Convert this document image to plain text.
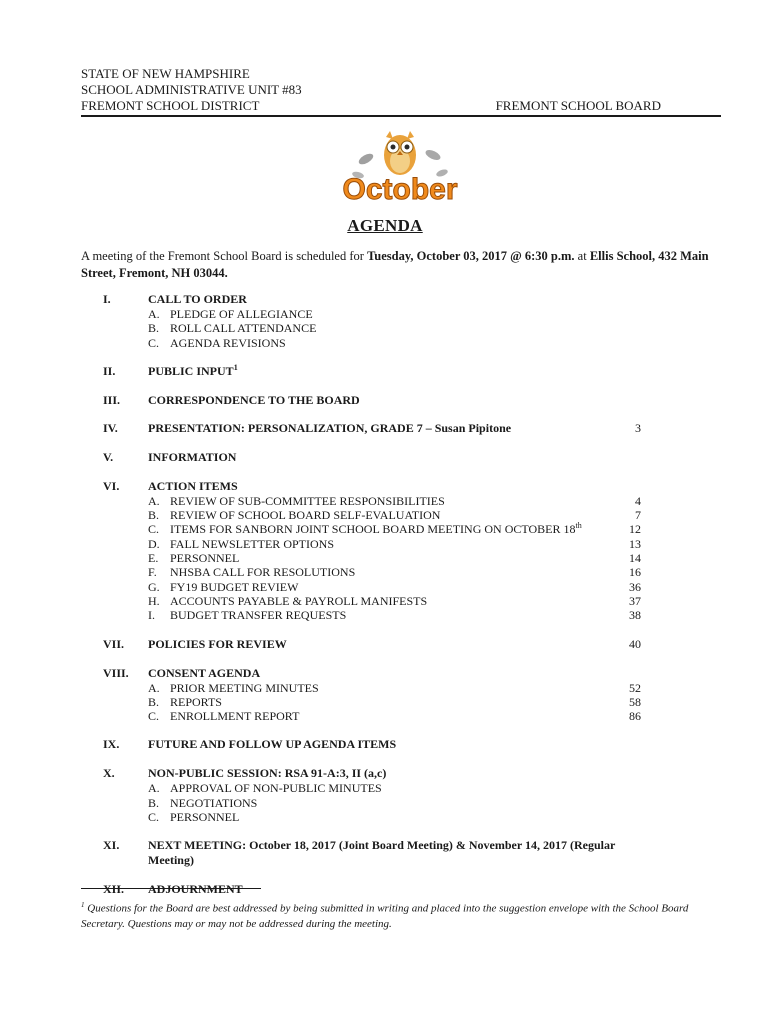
STATE OF NEW HAMPSHIRE
SCHOOL ADMINISTRATIVE UNIT #83
FREMONT SCHOOL DISTRICT	FREMONT SCHOOL BOARD
October
AGENDA
A meeting of the Fremont School Board is scheduled for Tuesday, October 03, 2017 @ 6:30 p.m. at Ellis School, 432 Main Street, Fremont, NH 03044.
I.	CALL TO ORDER
A. PLEDGE OF ALLEGIANCE
B. ROLL CALL ATTENDANCE
C. AGENDA REVISIONS
II.	PUBLIC INPUT$^1$
III.	CORRESPONDENCE TO THE BOARD
IV.	PRESENTATION: PERSONALIZATION, GRADE 7 – Susan Pipitone	3
V.	INFORMATION
VI.	ACTION ITEMS
A. REVIEW OF SUB-COMMITTEE RESPONSIBILITIES	4
B. REVIEW OF SCHOOL BOARD SELF-EVALUATION	7
C. ITEMS FOR SANBORN JOINT SCHOOL BOARD MEETING ON OCTOBER 18th	12
D. FALL NEWSLETTER OPTIONS	13
E. PERSONNEL	14
F. NHSBA CALL FOR RESOLUTIONS	16
G. FY19 BUDGET REVIEW	36
H. ACCOUNTS PAYABLE & PAYROLL MANIFESTS	37
I. BUDGET TRANSFER REQUESTS	38
VII.	POLICIES FOR REVIEW	40
VIII.	CONSENT AGENDA
A. PRIOR MEETING MINUTES	52
B. REPORTS	58
C. ENROLLMENT REPORT	86
IX.	FUTURE AND FOLLOW UP AGENDA ITEMS
X.	NON-PUBLIC SESSION: RSA 91-A:3, II (a,c)
A. APPROVAL OF NON-PUBLIC MINUTES
B. NEGOTIATIONS
C. PERSONNEL
XI.	NEXT MEETING: October 18, 2017 (Joint Board Meeting) & November 14, 2017 (Regular Meeting)
XII.	ADJOURNMENT
$^1$ Questions for the Board are best addressed by being submitted in writing and placed into the suggestion envelope with the School Board Secretary. Questions may or may not be addressed during the meeting.
